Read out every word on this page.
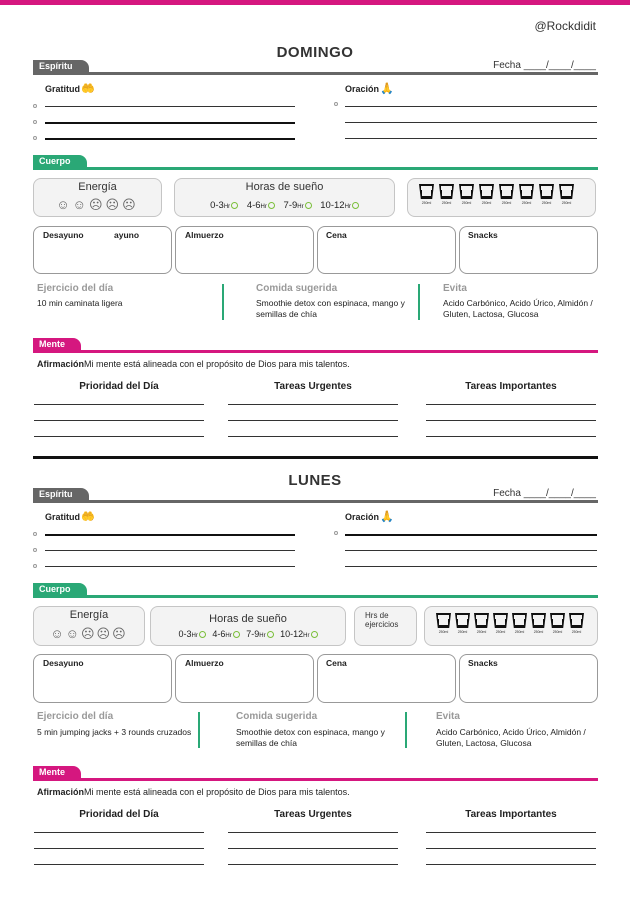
@Rockdidit
DOMINGO
Fecha ____/____/____
Espíritu
Gratitud🤲	Oración🙏
Cuerpo
Energía
☺☺☹☹☹
Horas de sueño
0-3Hr 4-6Hr 7-9Hr 10-12Hr
250ml	250ml	250ml	250ml	250ml	250ml	250ml	250ml
Desayuno	ayuno	Almuerzo	Cena	Snacks
Ejercicio del día
10 min caminata ligera
Comida sugerida
Smoothie detox con espinaca, mango y semillas de chía
Evita
Acido Carbónico, Acido Úrico, Almidón / Gluten, Lactosa, Glucosa
Mente
AfirmaciónMi mente está alineada con el propósito de Dios para mis talentos.
Prioridad del Día	Tareas Urgentes	Tareas Importantes
LUNES
Fecha ____/____/____
Espíritu
Gratitud🤲	Oración🙏
Cuerpo
Energía
☺☺☹☹☹
Horas de sueño
0-3Hr 4-6Hr 7-9Hr 10-12Hr
Hrs de ejercicios
250ml	250ml	250ml	250ml	250ml	250ml	250ml	250ml
Desayuno	Almuerzo	Cena	Snacks
Ejercicio del día
5 min jumping jacks + 3 rounds cruzados
Comida sugerida
Smoothie detox con espinaca, mango y semillas de chía
Evita
Acido Carbónico, Acido Úrico, Almidón / Gluten, Lactosa, Glucosa
Mente
AfirmaciónMi mente está alineada con el propósito de Dios para mis talentos.
Prioridad del Día	Tareas Urgentes	Tareas Importantes
